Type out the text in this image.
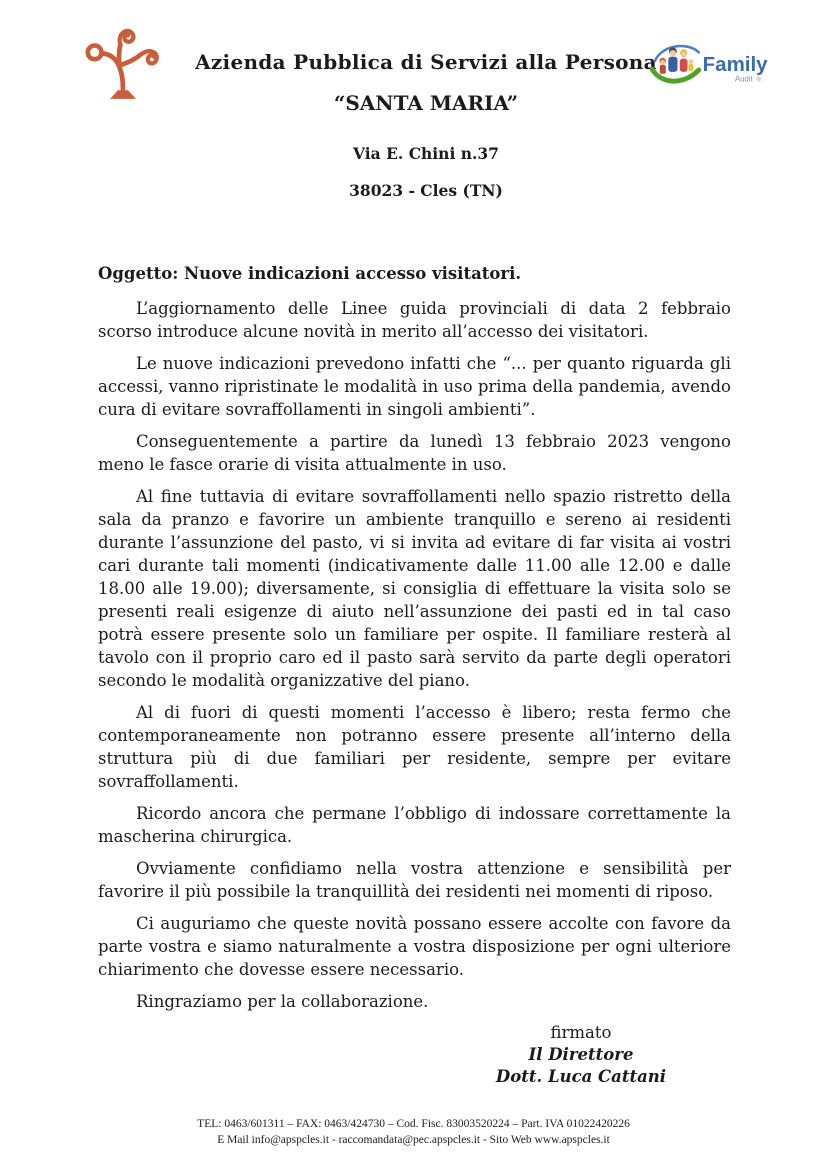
Azienda Pubblica di Servizi alla Persona

“SANTA MARIA”

Via E. Chini n.37

38023 - Cles (TN)

Family
Audit ®

Oggetto: Nuove indicazioni accesso visitatori.

L’aggiornamento delle Linee guida provinciali di data 2 febbraio scorso introduce alcune novità in merito all’accesso dei visitatori.

Le nuove indicazioni prevedono infatti che “... per quanto riguarda gli accessi, vanno ripristinate le modalità in uso prima della pandemia, avendo cura di evitare sovraffollamenti in singoli ambienti”.

Conseguentemente a partire da lunedì 13 febbraio 2023 vengono meno le fasce orarie di visita attualmente in uso.

Al fine tuttavia di evitare sovraffollamenti nello spazio ristretto della sala da pranzo e favorire un ambiente tranquillo e sereno ai residenti durante l’assunzione del pasto, vi si invita ad evitare di far visita ai vostri cari durante tali momenti (indicativamente dalle 11.00 alle 12.00 e dalle 18.00 alle 19.00); diversamente, si consiglia di effettuare la visita solo se presenti reali esigenze di aiuto nell’assunzione dei pasti ed in tal caso potrà essere presente solo un familiare per ospite. Il familiare resterà al tavolo con il proprio caro ed il pasto sarà servito da parte degli operatori secondo le modalità organizzative del piano.

Al di fuori di questi momenti l’accesso è libero; resta fermo che contemporaneamente non potranno essere presente all’interno della struttura più di due familiari per residente, sempre per evitare sovraffollamenti.

Ricordo ancora che permane l’obbligo di indossare correttamente la mascherina chirurgica.

Ovviamente confidiamo nella vostra attenzione e sensibilità per favorire il più possibile la tranquillità dei residenti nei momenti di riposo.

Ci auguriamo che queste novità possano essere accolte con favore da parte vostra e siamo naturalmente a vostra disposizione per ogni ulteriore chiarimento che dovesse essere necessario.

Ringraziamo per la collaborazione.

firmato
Il Direttore
Dott. Luca Cattani
TEL: 0463/601311 – FAX: 0463/424730 – Cod. Fisc. 83003520224 – Part. IVA 01022420226
E Mail info@apspcles.it - raccomandata@pec.apspcles.it - Sito Web www.apspcles.it
